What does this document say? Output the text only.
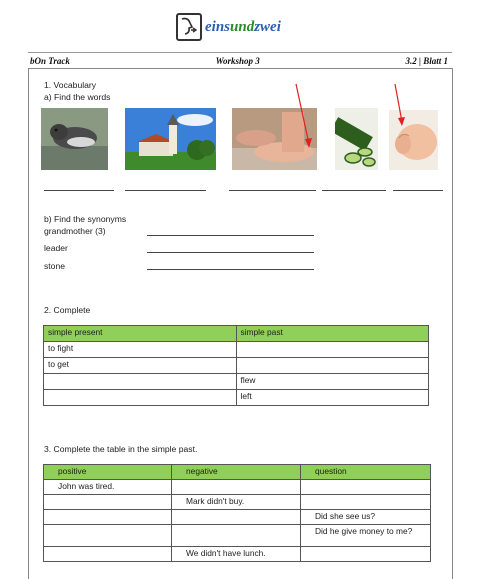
einsundzwei
bOn Track	Workshop 3	3.2 | Blatt 1
1. Vocabulary
a) Find the words
b) Find the synonyms
grandmother (3)
leader
stone
2. Complete
simple present	simple past
to fight	
to get	
	flew
	left
3. Complete the table in the simple past.
positive	negative	question
John was tired.		
	Mark didn't buy.	
		Did she see us?
		Did he give money to me?
	We didn't have lunch.	
